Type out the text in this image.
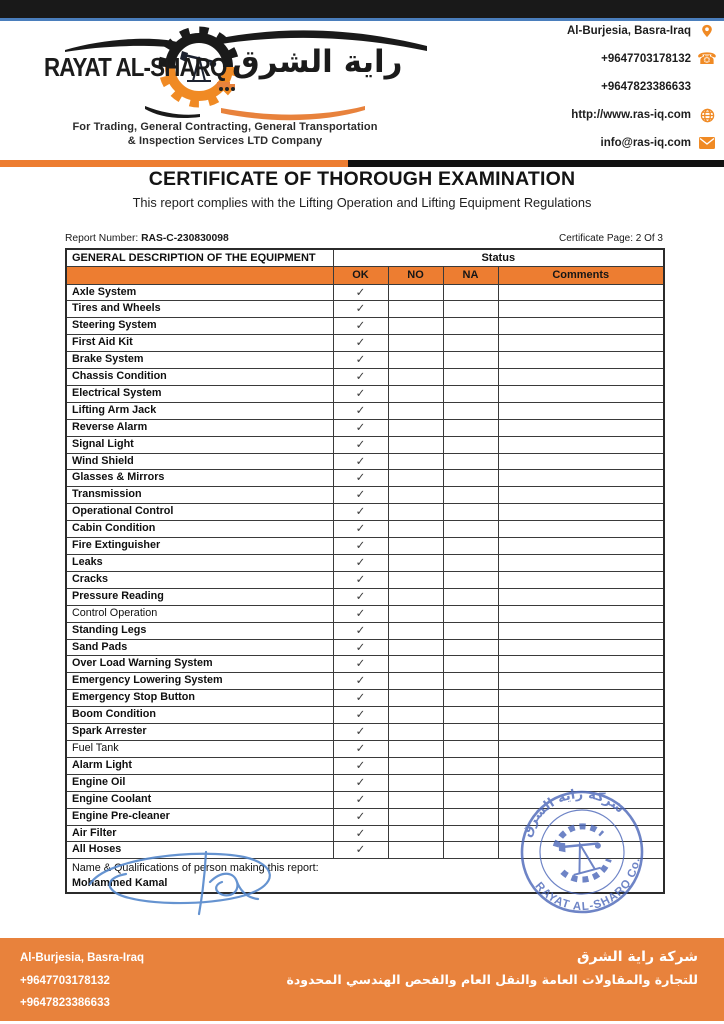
RAYAT AL-SHARQ راية الشرق
For Trading, General Contracting, General Transportation
& Inspection Services LTD Company
Al-Burjesia, Basra-Iraq
+9647703178132 ☎
+9647823386633
http://www.ras-iq.com
info@ras-iq.com
CERTIFICATE OF THOROUGH EXAMINATION
This report complies with the Lifting Operation and Lifting Equipment Regulations
Report Number: RAS-C-230830098	Certificate Page: 2 Of 3
GENERAL DESCRIPTION OF THE EQUIPMENT	Status			
	OK	NO	NA	Comments
Axle System	✓			
Tires and Wheels	✓			
Steering System	✓			
First Aid Kit	✓			
Brake System	✓			
Chassis Condition	✓			
Electrical System	✓			
Lifting Arm Jack	✓			
Reverse Alarm	✓			
Signal Light	✓			
Wind Shield	✓			
Glasses & Mirrors	✓			
Transmission	✓			
Operational Control	✓			
Cabin Condition	✓			
Fire Extinguisher	✓			
Leaks	✓			
Cracks	✓			
Pressure Reading	✓			
Control Operation	✓			
Standing Legs	✓			
Sand Pads	✓			
Over Load Warning System	✓			
Emergency Lowering System	✓			
Emergency Stop Button	✓			
Boom Condition	✓			
Spark Arrester	✓			
Fuel Tank	✓			
Alarm Light	✓			
Engine Oil	✓			
Engine Coolant	✓			
Engine Pre-cleaner	✓			
Air Filter	✓			
All Hoses	✓			

Name & Qualifications of person making this report:
Mohammed Kamal				
شركة راية الشرق
RAYAT AL-SHARQ Co.
Al-Burjesia, Basra-Iraq
+9647703178132
+9647823386633
شركة راية الشرق
للتجارة والمقاولات العامة والنقل العام والفحص الهندسي المحدودة
